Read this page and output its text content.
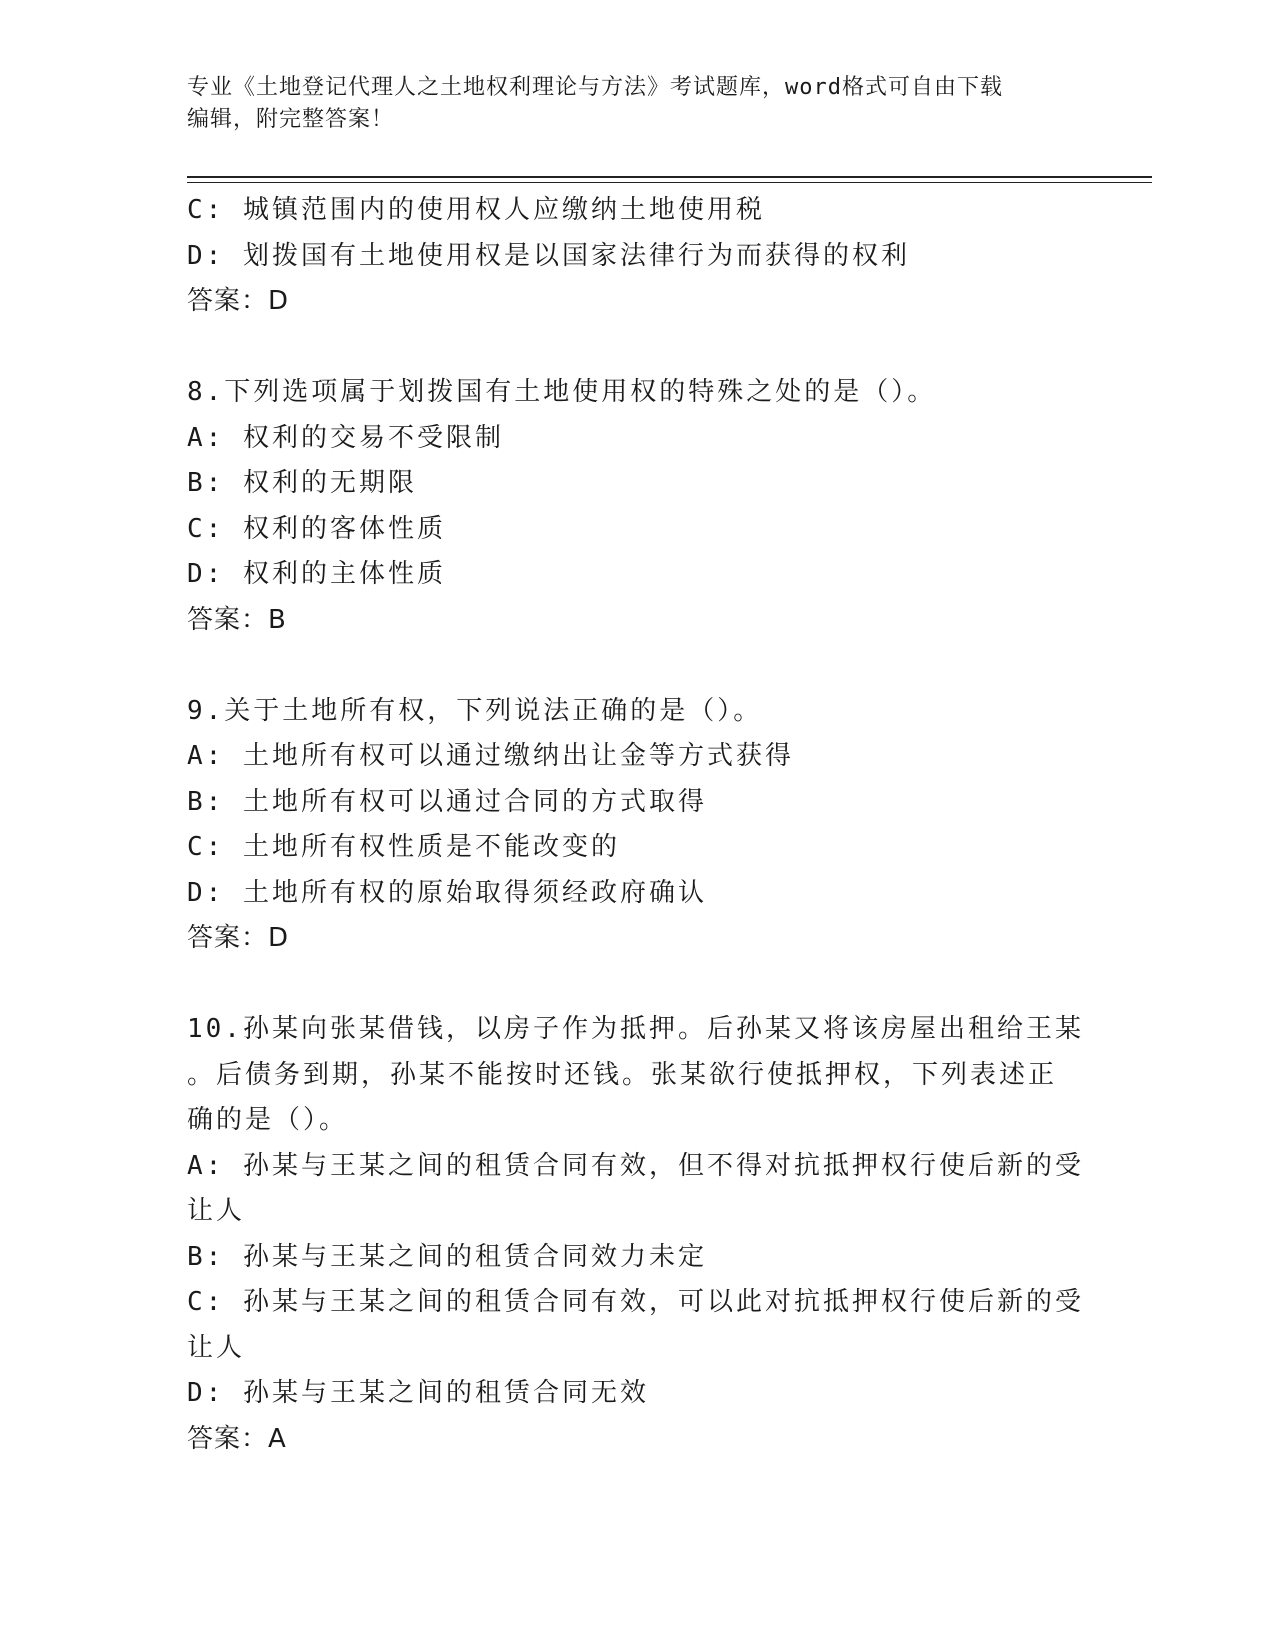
专业《土地登记代理人之土地权利理论与方法》考试题库，word格式可自由下载
编辑，附完整答案！
C: 城镇范围内的使用权人应缴纳土地使用税
D: 划拨国有土地使用权是以国家法律行为而获得的权利
答案：D
8.下列选项属于划拨国有土地使用权的特殊之处的是（）。
A: 权利的交易不受限制
B: 权利的无期限
C: 权利的客体性质
D: 权利的主体性质
答案：B
9.关于土地所有权，下列说法正确的是（）。
A: 土地所有权可以通过缴纳出让金等方式获得
B: 土地所有权可以通过合同的方式取得
C: 土地所有权性质是不能改变的
D: 土地所有权的原始取得须经政府确认
答案：D
10.孙某向张某借钱，以房子作为抵押。后孙某又将该房屋出租给王某
。后债务到期，孙某不能按时还钱。张某欲行使抵押权，下列表述正
确的是（）。
A: 孙某与王某之间的租赁合同有效，但不得对抗抵押权行使后新的受
让人
B: 孙某与王某之间的租赁合同效力未定
C: 孙某与王某之间的租赁合同有效，可以此对抗抵押权行使后新的受
让人
D: 孙某与王某之间的租赁合同无效
答案：A
